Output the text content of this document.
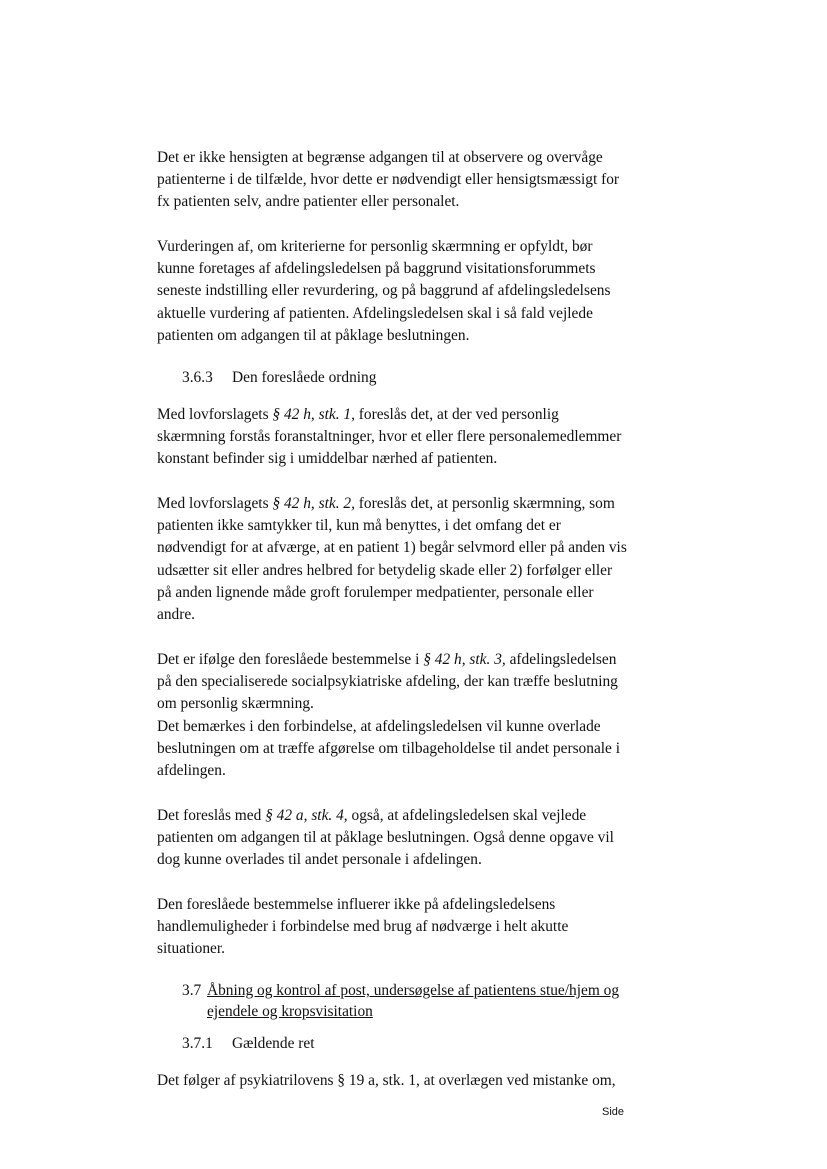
Det er ikke hensigten at begrænse adgangen til at observere og overvåge
patienterne i de tilfælde, hvor dette er nødvendigt eller hensigtsmæssigt for
fx patienten selv, andre patienter eller personalet.
Vurderingen af, om kriterierne for personlig skærmning er opfyldt, bør
kunne foretages af afdelingsledelsen på baggrund visitationsforummets
seneste indstilling eller revurdering, og på baggrund af afdelingsledelsens
aktuelle vurdering af patienten. Afdelingsledelsen skal i så fald vejlede
patienten om adgangen til at påklage beslutningen.
3.6.3 Den foreslåede ordning
Med lovforslagets § 42 h, stk. 1, foreslås det, at der ved personlig
skærmning forstås foranstaltninger, hvor et eller flere personalemedlemmer
konstant befinder sig i umiddelbar nærhed af patienten.
Med lovforslagets § 42 h, stk. 2, foreslås det, at personlig skærmning, som
patienten ikke samtykker til, kun må benyttes, i det omfang det er
nødvendigt for at afværge, at en patient 1) begår selvmord eller på anden vis
udsætter sit eller andres helbred for betydelig skade eller 2) forfølger eller
på anden lignende måde groft forulemper medpatienter, personale eller
andre.
Det er ifølge den foreslåede bestemmelse i § 42 h, stk. 3, afdelingsledelsen
på den specialiserede socialpsykiatriske afdeling, der kan træffe beslutning
om personlig skærmning.
Det bemærkes i den forbindelse, at afdelingsledelsen vil kunne overlade
beslutningen om at træffe afgørelse om tilbageholdelse til andet personale i
afdelingen.
Det foreslås med § 42 a, stk. 4, også, at afdelingsledelsen skal vejlede
patienten om adgangen til at påklage beslutningen. Også denne opgave vil
dog kunne overlades til andet personale i afdelingen.
Den foreslåede bestemmelse influerer ikke på afdelingsledelsens
handlemuligheder i forbindelse med brug af nødværge i helt akutte
situationer.
3.7 Åbning og kontrol af post, undersøgelse af patientens stue/hjem og
ejendele og kropsvisitation
3.7.1 Gældende ret
Det følger af psykiatrilovens § 19 a, stk. 1, at overlægen ved mistanke om,
Side
